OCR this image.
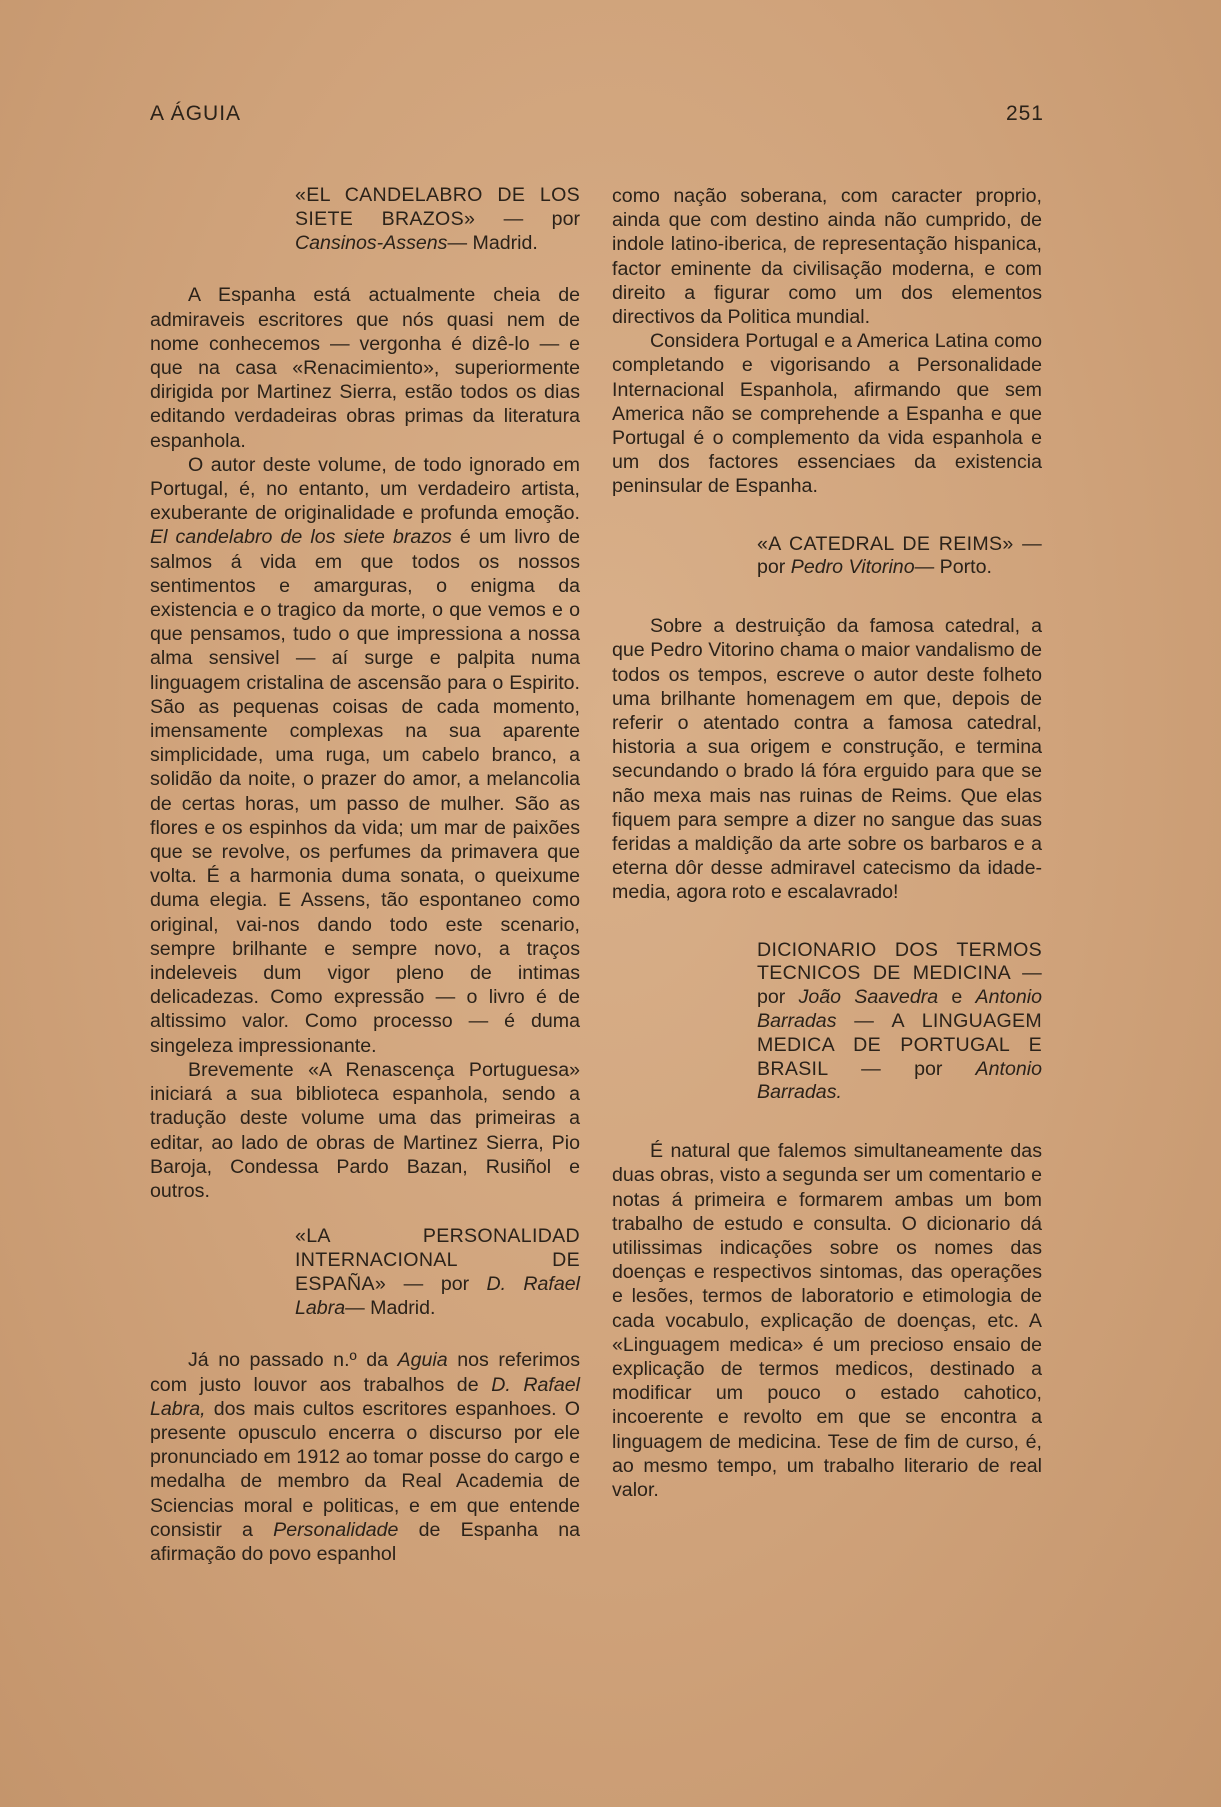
A ÁGUIA	251
«EL CANDELABRO DE LOS SIETE BRAZOS» — por Cansinos-Assens— Madrid.

A Espanha está actualmente cheia de admiraveis escritores que nós quasi nem de nome conhecemos — vergonha é dizê-lo — e que na casa «Renacimiento», superiormente dirigida por Martinez Sierra, estão todos os dias editando verdadeiras obras primas da literatura espanhola.

O autor deste volume, de todo ignorado em Portugal, é, no entanto, um verdadeiro artista, exuberante de originalidade e profunda emoção. El candelabro de los siete brazos é um livro de salmos á vida em que todos os nossos sentimentos e amarguras, o enigma da existencia e o tragico da morte, o que vemos e o que pensamos, tudo o que impressiona a nossa alma sensivel — aí surge e palpita numa linguagem cristalina de ascensão para o Espirito. São as pequenas coisas de cada momento, imensamente complexas na sua aparente simplicidade, uma ruga, um cabelo branco, a solidão da noite, o prazer do amor, a melancolia de certas horas, um passo de mulher. São as flores e os espinhos da vida; um mar de paixões que se revolve, os perfumes da primavera que volta. É a harmonia duma sonata, o queixume duma elegia. E Assens, tão espontaneo como original, vai-nos dando todo este scenario, sempre brilhante e sempre novo, a traços indeleveis dum vigor pleno de intimas delicadezas. Como expressão — o livro é de altissimo valor. Como processo — é duma singeleza impressionante.

Brevemente «A Renascença Portuguesa» iniciará a sua biblioteca espanhola, sendo a tradução deste volume uma das primeiras a editar, ao lado de obras de Martinez Sierra, Pio Baroja, Condessa Pardo Bazan, Rusiñol e outros.

«LA PERSONALIDAD INTERNACIONAL DE ESPAÑA» — por D. Rafael Labra— Madrid.

Já no passado n.º da Aguia nos referimos com justo louvor aos trabalhos de D. Rafael Labra, dos mais cultos escritores espanhoes. O presente opusculo encerra o discurso por ele pronunciado em 1912 ao tomar posse do cargo e medalha de membro da Real Academia de Sciencias moral e politicas, e em que entende consistir a Personalidade de Espanha na afirmação do povo espanhol

como nação soberana, com caracter proprio, ainda que com destino ainda não cumprido, de indole latino-iberica, de representação hispanica, factor eminente da civilisação moderna, e com direito a figurar como um dos elementos directivos da Politica mundial.

Considera Portugal e a America Latina como completando e vigorisando a Personalidade Internacional Espanhola, afirmando que sem America não se comprehende a Espanha e que Portugal é o complemento da vida espanhola e um dos factores essenciaes da existencia peninsular de Espanha.

«A CATEDRAL DE REIMS» — por Pedro Vitorino— Porto.

Sobre a destruição da famosa catedral, a que Pedro Vitorino chama o maior vandalismo de todos os tempos, escreve o autor deste folheto uma brilhante homenagem em que, depois de referir o atentado contra a famosa catedral, historia a sua origem e construção, e termina secundando o brado lá fóra erguido para que se não mexa mais nas ruinas de Reims. Que elas fiquem para sempre a dizer no sangue das suas feridas a maldição da arte sobre os barbaros e a eterna dôr desse admiravel catecismo da idade-media, agora roto e escalavrado!

DICIONARIO DOS TERMOS TECNICOS DE MEDICINA — por João Saavedra e Antonio Barradas — A LINGUAGEM MEDICA DE PORTUGAL E BRASIL — por Antonio Barradas.

É natural que falemos simultaneamente das duas obras, visto a segunda ser um comentario e notas á primeira e formarem ambas um bom trabalho de estudo e consulta. O dicionario dá utilissimas indicações sobre os nomes das doenças e respectivos sintomas, das operações e lesões, termos de laboratorio e etimologia de cada vocabulo, explicação de doenças, etc. A «Linguagem medica» é um precioso ensaio de explicação de termos medicos, destinado a modificar um pouco o estado cahotico, incoerente e revolto em que se encontra a linguagem de medicina. Tese de fim de curso, é, ao mesmo tempo, um trabalho literario de real valor.
